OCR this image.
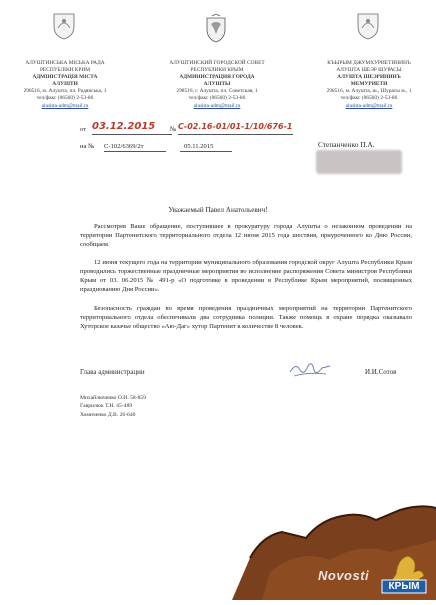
АЛУШТИНСЬКА МІСЬКА РАДА
РЕСПУБЛІКИ КРИМ
АДМІНІСТРАЦІЯ МІСТА
АЛУШТИ
298516, м. Алушта, пл. Радянська, 1
тел/факс (06560) 2-53-86
alushta-adm@mail.ru
АЛУШТИНСКИЙ ГОРОДСКОЙ СОВЕТ
РЕСПУБЛИКИ КРЫМ
АДМИНИСТРАЦИЯ ГОРОДА
АЛУШТЫ
298516, г. Алушта, пл. Советская, 1
тел/факс (06560) 2-53-86
alushta-adm@mail.ru
КЪЫРЫМ ДЖУМХУРИЕТИНИНЪ
АЛУШТА ШЕЭР ШУРАСЫ
АЛУШТА ШЕЭРИНИНЪ
МЕМУРИЕТИ
298516, м. Алушта, ш., Шурасы м., 1
тел/факс (06560) 2-53-86
alushta-adm@mail.ru
от 03.12.2015 № С-02.16-01/01-1/10/676-1
на № С-102/6369/2т	05.11.2015	Степанченко П.А.
Уважаемый Павел Анатольевич!
Рассмотрев Ваше обращение, поступившее в прокуратуру города Алушты о незаконном проведении на территории Партенитского территориального отдела 12 июня 2015 года шествия, приуроченного ко Дню России, сообщаем.
12 июня текущего года на территории муниципального образования городской округ Алушта Республики Крым проводились торжественные праздничные мероприятия во исполнение распоряжения Совета министров Республики Крым от 03. 06.2015 № 491-р «О подготовке в проведении в Республике Крым мероприятий, посвященных празднованию Дня России».
Безопасность граждан во время проведения праздничных мероприятий на территории Партенитского территориального отдела обеспечивали два сотрудника полиции. Также помощь в охране порядка оказывало Хуторское казачье общество «Аю-Даг» хутор Партенит в количестве 8 человек.
Глава администрации	И.И.Сотов
Михайлюченко О.Н. 58-859
Гаврилюк Т.Н. 45-489
Хомиченко Д.В. 26-640
Novosti
КРЫМ
